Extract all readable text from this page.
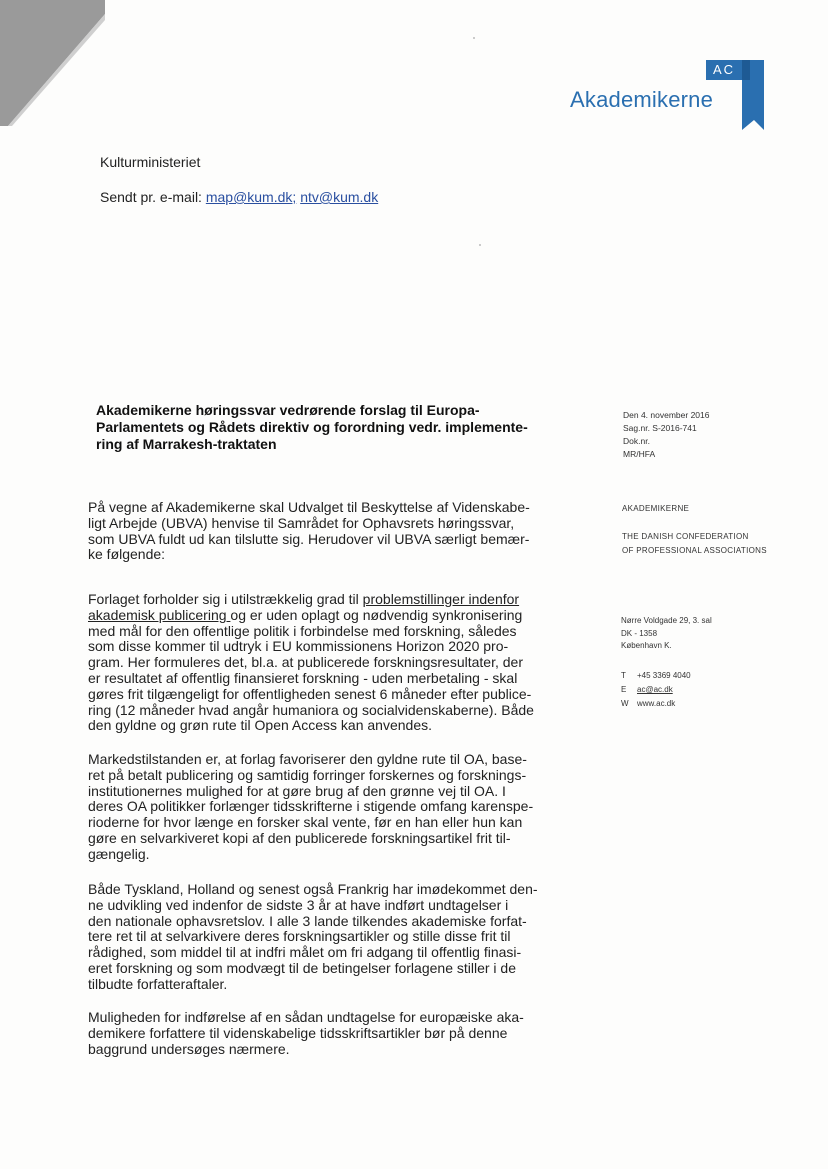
AC
Akademikerne
Kulturministeriet
Sendt pr. e-mail: map@kum.dk; ntv@kum.dk
Akademikerne høringssvar vedrørende forslag til Europa-
Parlamentets og Rådets direktiv og forordning vedr. implemente-
ring af Marrakesh-traktaten
Den 4. november 2016
Sag.nr. S-2016-741
Dok.nr.
MR/HFA
AKADEMIKERNE
THE DANISH CONFEDERATION
OF PROFESSIONAL ASSOCIATIONS
Nørre Voldgade 29, 3. sal
DK - 1358
København K.
T +45 3369 4040
E ac@ac.dk
W www.ac.dk

På vegne af Akademikerne skal Udvalget til Beskyttelse af Videnskabe-

ligt Arbejde (UBVA) henvise til Samrådet for Ophavsrets høringssvar,

som UBVA fuldt ud kan tilslutte sig. Herudover vil UBVA særligt bemær-

ke følgende:

Forlaget forholder sig i utilstrækkelig grad til problemstillinger indenfor

akademisk publicering og er uden oplagt og nødvendig synkronisering

med mål for den offentlige politik i forbindelse med forskning, således

som disse kommer til udtryk i EU kommissionens Horizon 2020 pro-

gram. Her formuleres det, bl.a. at publicerede forskningsresultater, der

er resultatet af offentlig finansieret forskning - uden merbetaling - skal

gøres frit tilgængeligt for offentligheden senest 6 måneder efter publice-

ring (12 måneder hvad angår humaniora og socialvidenskaberne). Både

den gyldne og grøn rute til Open Access kan anvendes.

Markedstilstanden er, at forlag favoriserer den gyldne rute til OA, base-

ret på betalt publicering og samtidig forringer forskernes og forsknings-

institutionernes mulighed for at gøre brug af den grønne vej til OA. I

deres OA politikker forlænger tidsskrifterne i stigende omfang karenspe-

rioderne for hvor længe en forsker skal vente, før en han eller hun kan

gøre en selvarkiveret kopi af den publicerede forskningsartikel frit til-

gængelig.

Både Tyskland, Holland og senest også Frankrig har imødekommet den-

ne udvikling ved indenfor de sidste 3 år at have indført undtagelser i

den nationale ophavsretslov. I alle 3 lande tilkendes akademiske forfat-

tere ret til at selvarkivere deres forskningsartikler og stille disse frit til

rådighed, som middel til at indfri målet om fri adgang til offentlig finasi-

eret forskning og som modvægt til de betingelser forlagene stiller i de

tilbudte forfatteraftaler.

Muligheden for indførelse af en sådan undtagelse for europæiske aka-

demikere forfattere til videnskabelige tidsskriftsartikler bør på denne

baggrund undersøges nærmere.
